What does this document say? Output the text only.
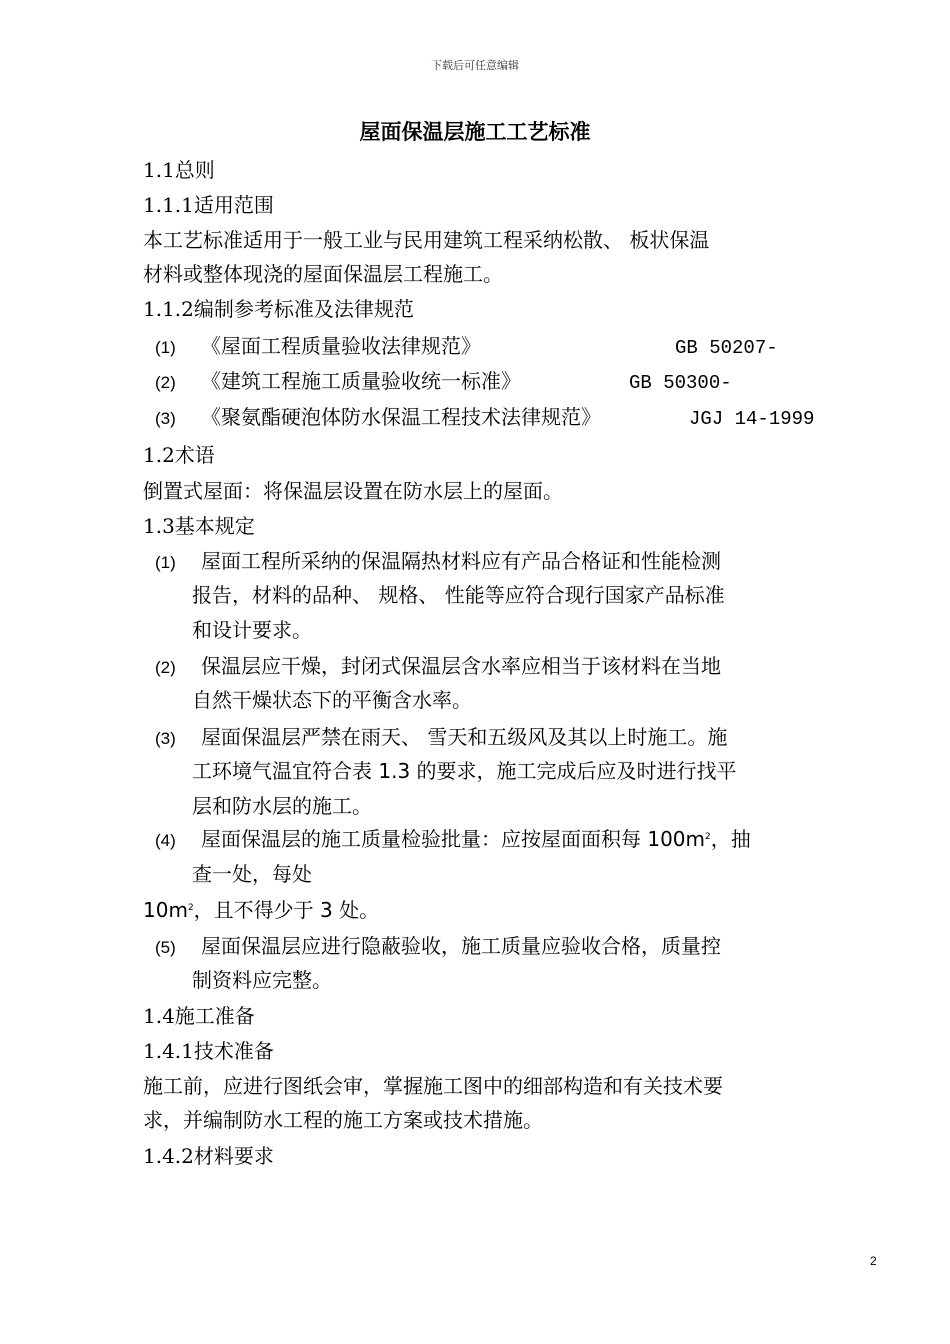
下载后可任意编辑
屋面保温层施工工艺标准
1.1总则
1.1.1适用范围
本工艺标准适用于一般工业与民用建筑工程采纳松散、 板状保温
材料或整体现浇的屋面保温层工程施工。
1.1.2编制参考标准及法律规范
(1) 《屋面工程质量验收法律规范》	GB 50207-
(2) 《建筑工程施工质量验收统一标准》	GB 50300-
(3) 《聚氨酯硬泡体防水保温工程技术法律规范》	JGJ 14-1999
1.2术语
倒置式屋面：将保温层设置在防水层上的屋面。
1.3基本规定
(1) 屋面工程所采纳的保温隔热材料应有产品合格证和性能检测
报告，材料的品种、 规格、 性能等应符合现行国家产品标准
和设计要求。
(2) 保温层应干燥，封闭式保温层含水率应相当于该材料在当地
自然干燥状态下的平衡含水率。
(3) 屋面保温层严禁在雨天、 雪天和五级风及其以上时施工。施
工环境气温宜符合表 1.3 的要求，施工完成后应及时进行找平
层和防水层的施工。
(4) 屋面保温层的施工质量检验批量：应按屋面面积每 $100m^2$，抽
查一处，每处
$10m^2$，且不得少于 3 处。
(5) 屋面保温层应进行隐蔽验收，施工质量应验收合格，质量控
制资料应完整。
1.4施工准备
1.4.1技术准备
施工前，应进行图纸会审，掌握施工图中的细部构造和有关技术要
求，并编制防水工程的施工方案或技术措施。
1.4.2材料要求
2
